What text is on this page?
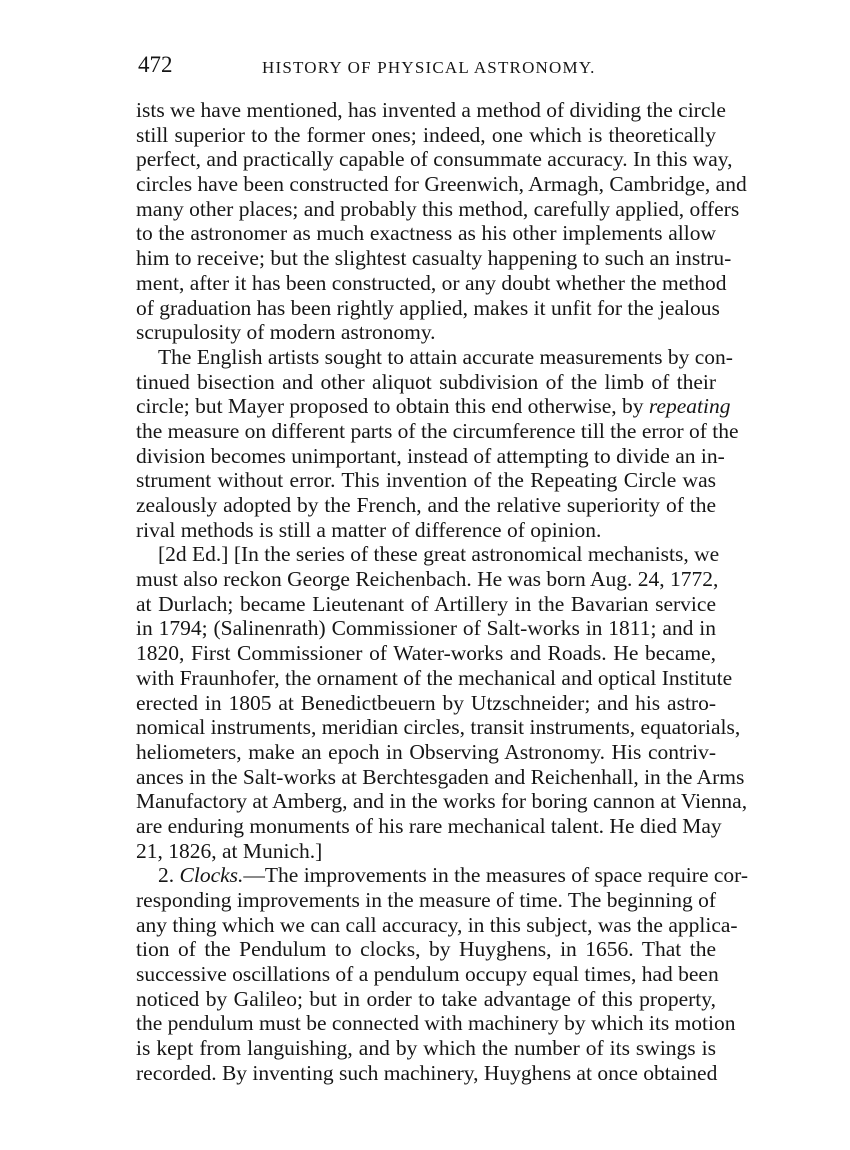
472	HISTORY OF PHYSICAL ASTRONOMY.
ists we have mentioned, has invented a method of dividing the circle
still superior to the former ones; indeed, one which is theoretically
perfect, and practically capable of consummate accuracy. In this way,
circles have been constructed for Greenwich, Armagh, Cambridge, and
many other places; and probably this method, carefully applied, offers
to the astronomer as much exactness as his other implements allow
him to receive; but the slightest casualty happening to such an instru-
ment, after it has been constructed, or any doubt whether the method
of graduation has been rightly applied, makes it unfit for the jealous
scrupulosity of modern astronomy.
The English artists sought to attain accurate measurements by con-
tinued bisection and other aliquot subdivision of the limb of their
circle; but Mayer proposed to obtain this end otherwise, by repeating
the measure on different parts of the circumference till the error of the
division becomes unimportant, instead of attempting to divide an in-
strument without error. This invention of the Repeating Circle was
zealously adopted by the French, and the relative superiority of the
rival methods is still a matter of difference of opinion.
[2d Ed.] [In the series of these great astronomical mechanists, we
must also reckon George Reichenbach. He was born Aug. 24, 1772,
at Durlach; became Lieutenant of Artillery in the Bavarian service
in 1794; (Salinenrath) Commissioner of Salt-works in 1811; and in
1820, First Commissioner of Water-works and Roads. He became,
with Fraunhofer, the ornament of the mechanical and optical Institute
erected in 1805 at Benedictbeuern by Utzschneider; and his astro-
nomical instruments, meridian circles, transit instruments, equatorials,
heliometers, make an epoch in Observing Astronomy. His contriv-
ances in the Salt-works at Berchtesgaden and Reichenhall, in the Arms
Manufactory at Amberg, and in the works for boring cannon at Vienna,
are enduring monuments of his rare mechanical talent. He died May
21, 1826, at Munich.]
2. Clocks.—The improvements in the measures of space require cor-
responding improvements in the measure of time. The beginning of
any thing which we can call accuracy, in this subject, was the applica-
tion of the Pendulum to clocks, by Huyghens, in 1656. That the
successive oscillations of a pendulum occupy equal times, had been
noticed by Galileo; but in order to take advantage of this property,
the pendulum must be connected with machinery by which its motion
is kept from languishing, and by which the number of its swings is
recorded. By inventing such machinery, Huyghens at once obtained
